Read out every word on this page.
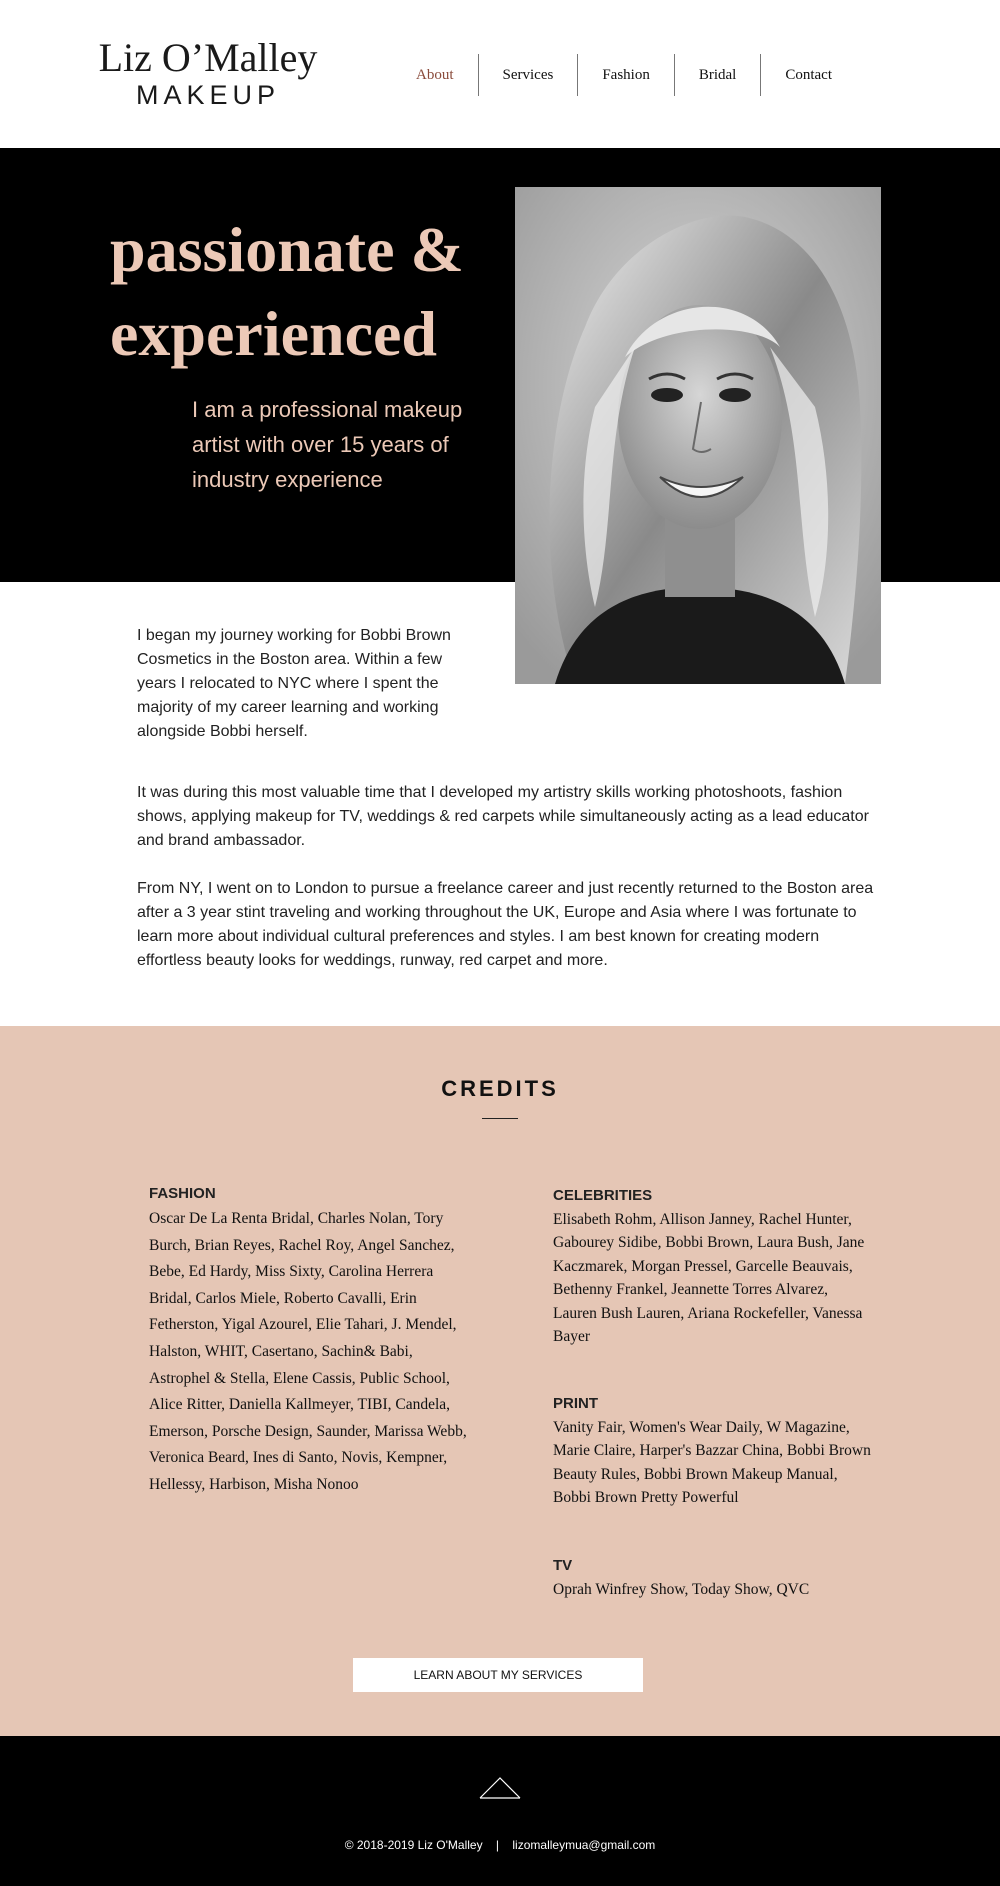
Liz O’Malley
MAKEUP
About	Services	Fashion	Bridal	Contact
passionate &
experienced

I am a professional makeup artist with over 15 years of industry experience

I began my journey working for Bobbi Brown Cosmetics in the Boston area. Within a few years I relocated to NYC where I spent the majority of my career learning and working alongside Bobbi herself.

It was during this most valuable time that I developed my artistry skills working photoshoots, fashion shows, applying makeup for TV, weddings & red carpets while simultaneously acting as a lead educator and brand ambassador.

From NY, I went on to London to pursue a freelance career and just recently returned to the Boston area after a 3 year stint traveling and working throughout the UK, Europe and Asia where I was fortunate to learn more about individual cultural preferences and styles. I am best known for creating modern effortless beauty looks for weddings, runway, red carpet and more.

CREDITS
FASHION
Oscar De La Renta Bridal, Charles Nolan, Tory Burch, Brian Reyes, Rachel Roy, Angel Sanchez, Bebe, Ed Hardy, Miss Sixty, Carolina Herrera Bridal, Carlos Miele, Roberto Cavalli, Erin Fetherston, Yigal Azourel, Elie Tahari, J. Mendel, Halston, WHIT, Casertano, Sachin& Babi, Astrophel & Stella, Elene Cassis, Public School, Alice Ritter, Daniella Kallmeyer, TIBI, Candela, Emerson, Porsche Design, Saunder, Marissa Webb, Veronica Beard, Ines di Santo, Novis, Kempner, Hellessy, Harbison, Misha Nonoo
CELEBRITIES
Elisabeth Rohm, Allison Janney, Rachel Hunter, Gabourey Sidibe, Bobbi Brown, Laura Bush, Jane Kaczmarek, Morgan Pressel, Garcelle Beauvais, Bethenny Frankel, Jeannette Torres Alvarez, Lauren Bush Lauren, Ariana Rockefeller, Vanessa Bayer
PRINT
Vanity Fair, Women's Wear Daily, W Magazine, Marie Claire, Harper's Bazzar China, Bobbi Brown Beauty Rules, Bobbi Brown Makeup Manual, Bobbi Brown Pretty Powerful
TV
Oprah Winfrey Show, Today Show, QVC
LEARN ABOUT MY SERVICES
© 2018-2019 Liz O'Malley | lizomalleymua@gmail.com
